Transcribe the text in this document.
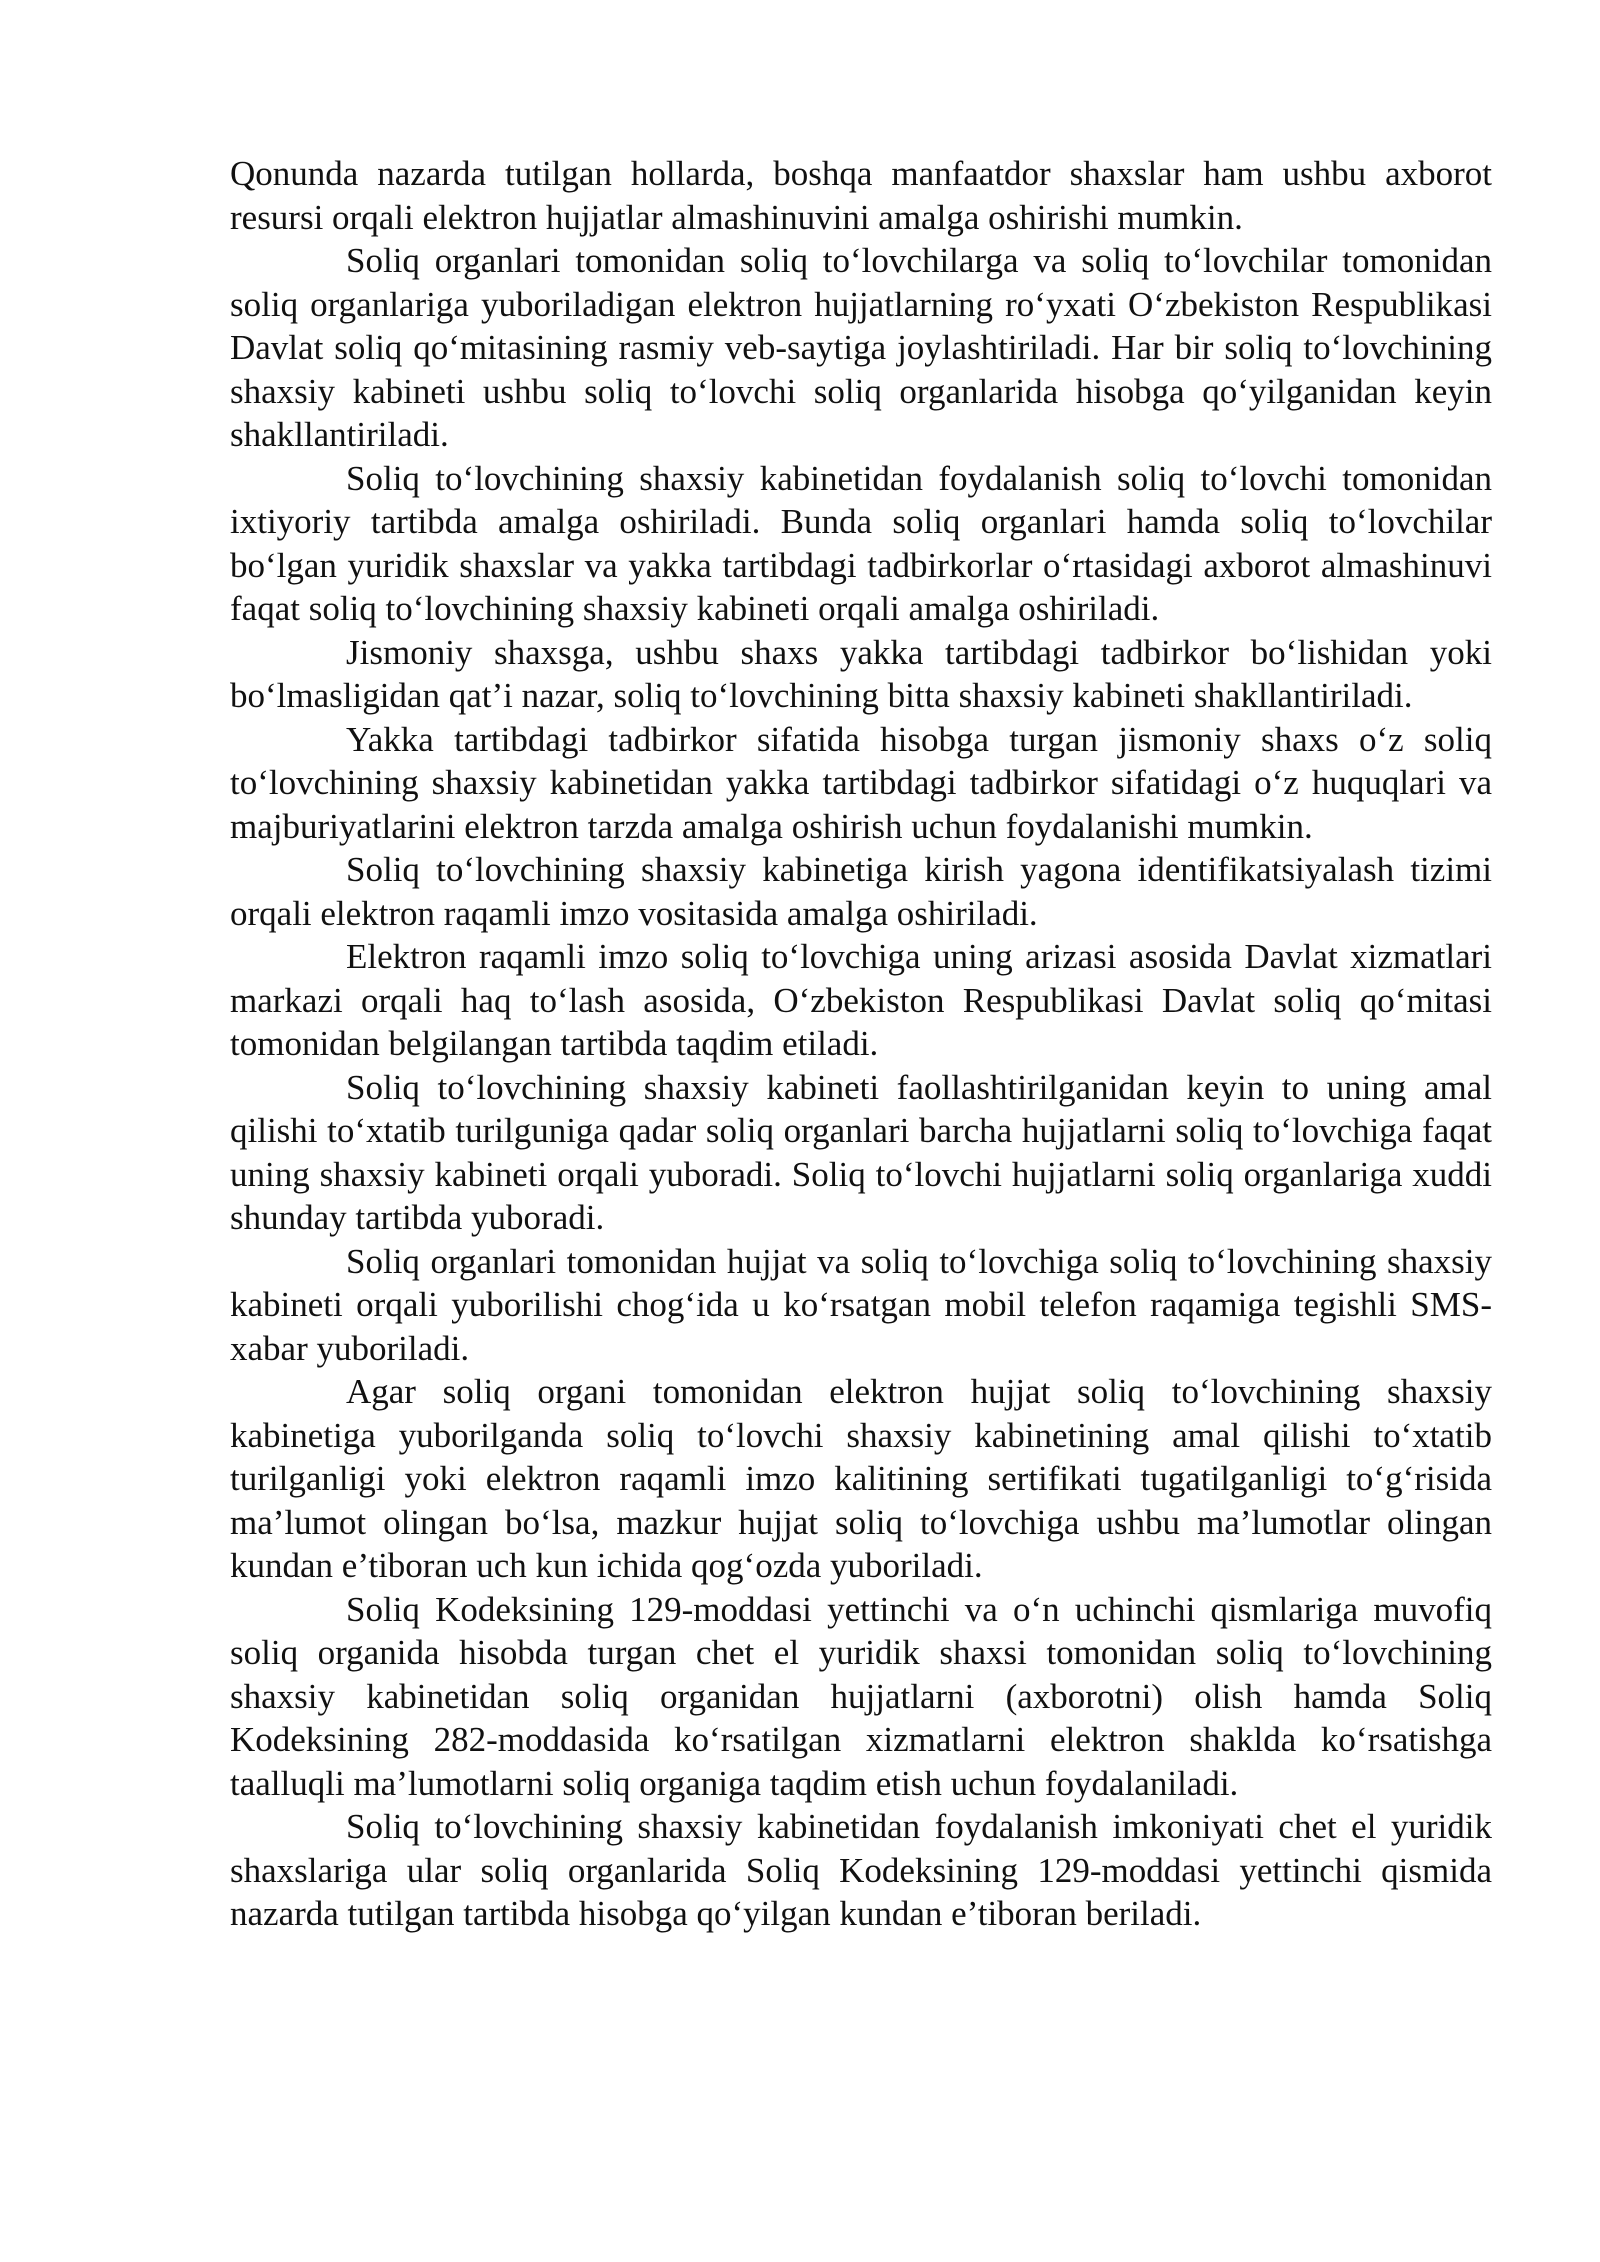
Qonunda nazarda tutilgan hollarda, boshqa manfaatdor shaxslar ham ushbu axborot resursi orqali elektron hujjatlar almashinuvini amalga oshirishi mumkin.

Soliq organlari tomonidan soliq to‘lovchilarga va soliq to‘lovchilar tomonidan soliq organlariga yuboriladigan elektron hujjatlarning ro‘yxati O‘zbekiston Respublikasi Davlat soliq qo‘mitasining rasmiy veb-saytiga joylashtiriladi. Har bir soliq to‘lovchining shaxsiy kabineti ushbu soliq to‘lovchi soliq organlarida hisobga qo‘yilganidan keyin shakllantiriladi.

Soliq to‘lovchining shaxsiy kabinetidan foydalanish soliq to‘lovchi tomonidan ixtiyoriy tartibda amalga oshiriladi. Bunda soliq organlari hamda soliq to‘lovchilar bo‘lgan yuridik shaxslar va yakka tartibdagi tadbirkorlar o‘rtasidagi axborot almashinuvi faqat soliq to‘lovchining shaxsiy kabineti orqali amalga oshiriladi.

Jismoniy shaxsga, ushbu shaxs yakka tartibdagi tadbirkor bo‘lishidan yoki bo‘lmasligidan qat’i nazar, soliq to‘lovchining bitta shaxsiy kabineti shakllantiriladi.

Yakka tartibdagi tadbirkor sifatida hisobga turgan jismoniy shaxs o‘z soliq to‘lovchining shaxsiy kabinetidan yakka tartibdagi tadbirkor sifatidagi o‘z huquqlari va majburiyatlarini elektron tarzda amalga oshirish uchun foydalanishi mumkin.

Soliq to‘lovchining shaxsiy kabinetiga kirish yagona identifikatsiyalash tizimi orqali elektron raqamli imzo vositasida amalga oshiriladi.

Elektron raqamli imzo soliq to‘lovchiga uning arizasi asosida Davlat xizmatlari markazi orqali haq to‘lash asosida, O‘zbekiston Respublikasi Davlat soliq qo‘mitasi tomonidan belgilangan tartibda taqdim etiladi.

Soliq to‘lovchining shaxsiy kabineti faollashtirilganidan keyin to uning amal qilishi to‘xtatib turilguniga qadar soliq organlari barcha hujjatlarni soliq to‘lovchiga faqat uning shaxsiy kabineti orqali yuboradi. Soliq to‘lovchi hujjatlarni soliq organlariga xuddi shunday tartibda yuboradi.

Soliq organlari tomonidan hujjat va soliq to‘lovchiga soliq to‘lovchining shaxsiy kabineti orqali yuborilishi chog‘ida u ko‘rsatgan mobil telefon raqamiga tegishli SMS-xabar yuboriladi.

Agar soliq organi tomonidan elektron hujjat soliq to‘lovchining shaxsiy kabinetiga yuborilganda soliq to‘lovchi shaxsiy kabinetining amal qilishi to‘xtatib turilganligi yoki elektron raqamli imzo kalitining sertifikati tugatilganligi to‘g‘risida ma’lumot olingan bo‘lsa, mazkur hujjat soliq to‘lovchiga ushbu ma’lumotlar olingan kundan e’tiboran uch kun ichida qog‘ozda yuboriladi.

Soliq Kodeksining 129-moddasi yettinchi va o‘n uchinchi qismlariga muvofiq soliq organida hisobda turgan chet el yuridik shaxsi tomonidan soliq to‘lovchining shaxsiy kabinetidan soliq organidan hujjatlarni (axborotni) olish hamda Soliq Kodeksining 282-moddasida ko‘rsatilgan xizmatlarni elektron shaklda ko‘rsatishga taalluqli ma’lumotlarni soliq organiga taqdim etish uchun foydalaniladi.

Soliq to‘lovchining shaxsiy kabinetidan foydalanish imkoniyati chet el yuridik shaxslariga ular soliq organlarida Soliq Kodeksining 129-moddasi yettinchi qismida nazarda tutilgan tartibda hisobga qo‘yilgan kundan e’tiboran beriladi.
